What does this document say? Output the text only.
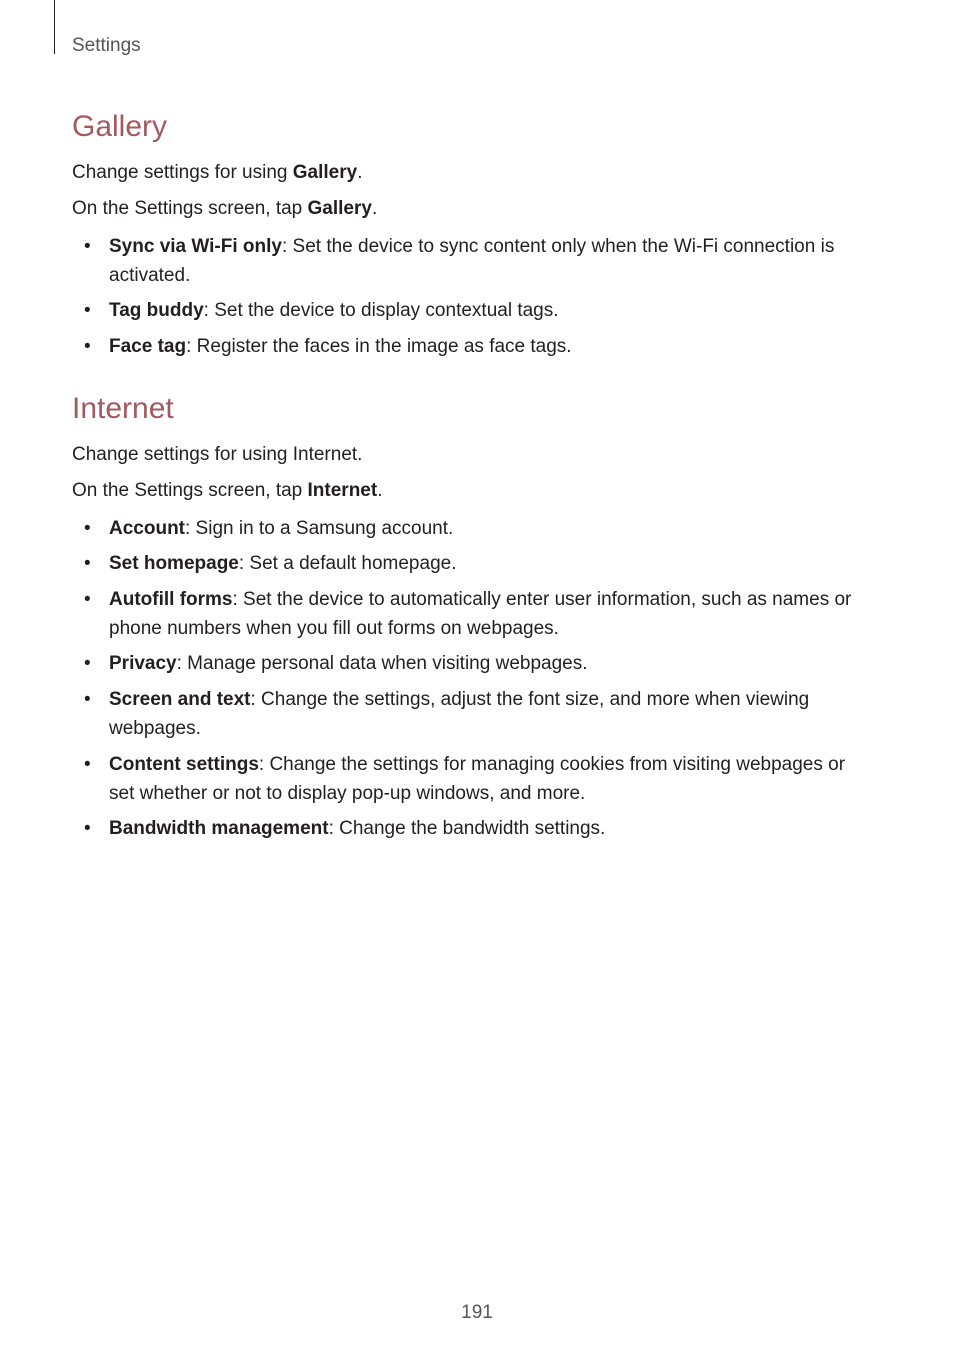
Settings
Gallery

Change settings for using Gallery.

On the Settings screen, tap Gallery.

• Sync via Wi-Fi only: Set the device to sync content only when the Wi-Fi connection is
activated.
• Tag buddy: Set the device to display contextual tags.
• Face tag: Register the faces in the image as face tags.
Internet

Change settings for using Internet.

On the Settings screen, tap Internet.

• Account: Sign in to a Samsung account.
• Set homepage: Set a default homepage.
• Autofill forms: Set the device to automatically enter user information, such as names or
phone numbers when you fill out forms on webpages.
• Privacy: Manage personal data when visiting webpages.
• Screen and text: Change the settings, adjust the font size, and more when viewing
webpages.
• Content settings: Change the settings for managing cookies from visiting webpages or
set whether or not to display pop-up windows, and more.
• Bandwidth management: Change the bandwidth settings.
191
